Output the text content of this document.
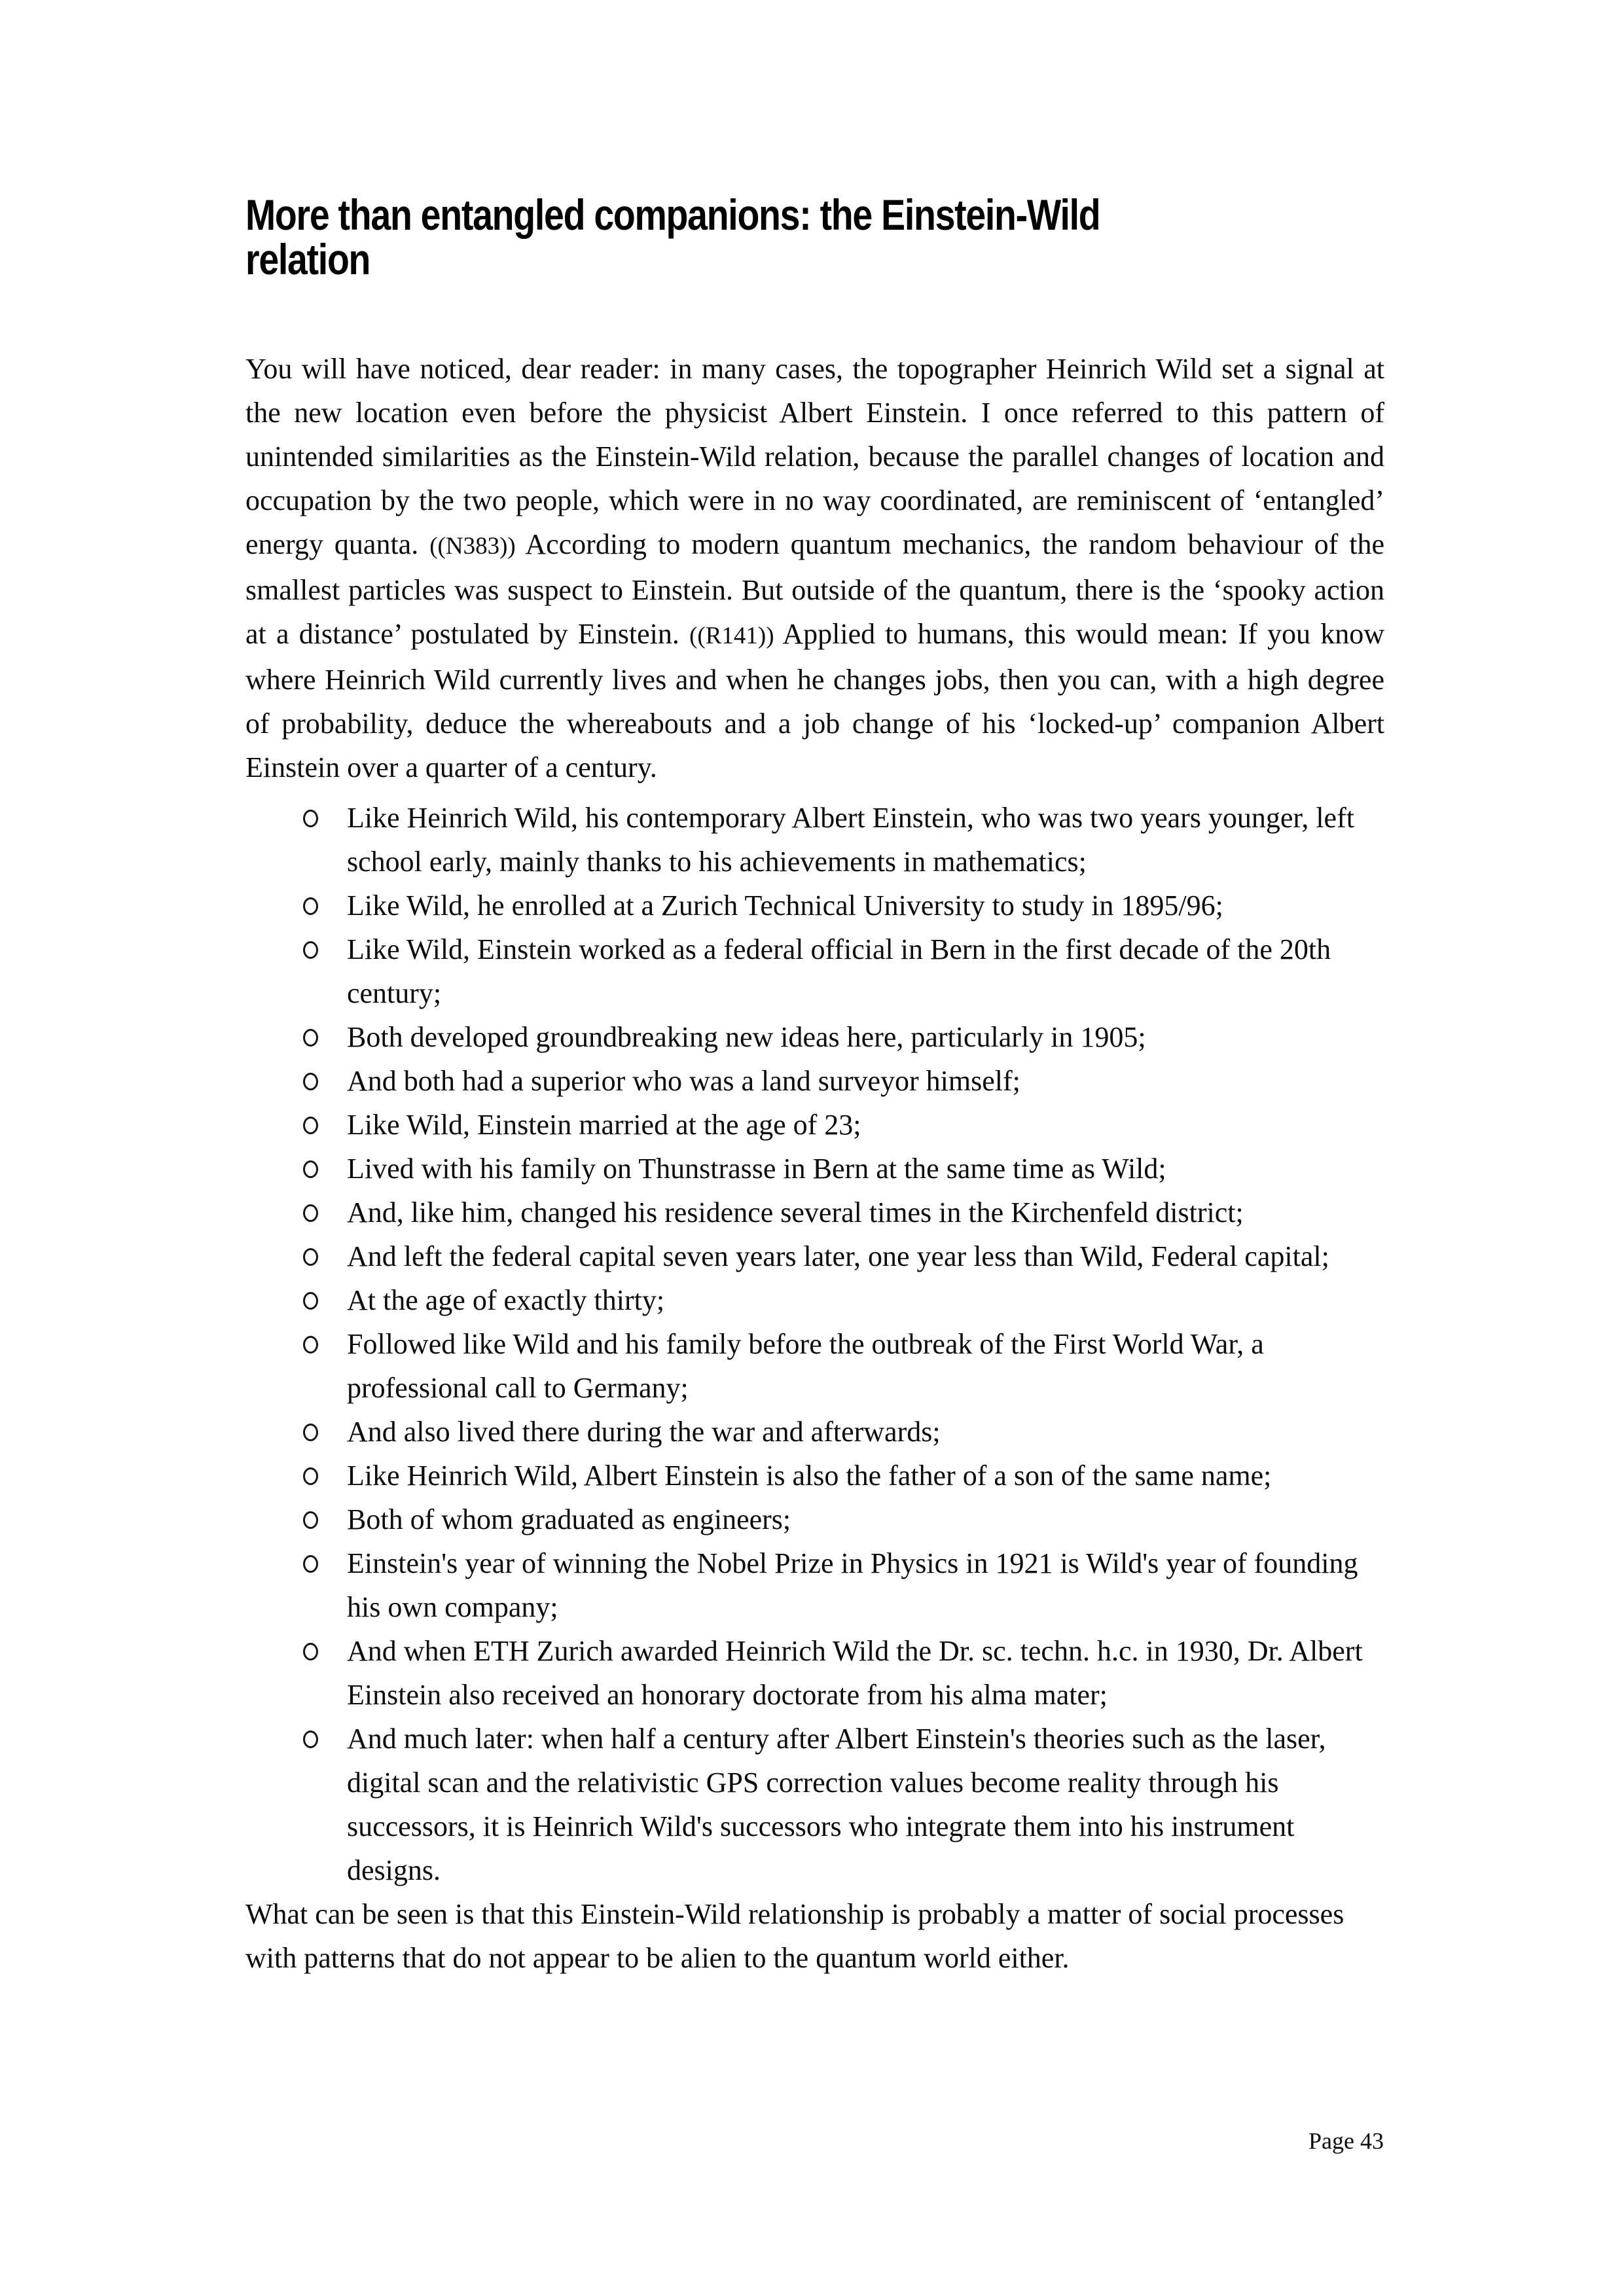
More than entangled companions: the Einstein-Wild
relation

You will have noticed, dear reader: in many cases, the topographer Heinrich Wild set a signal at the new location even before the physicist Albert Einstein. I once referred to this pattern of unintended similarities as the Einstein-Wild relation, because the parallel changes of location and occupation by the two people, which were in no way coordinated, are reminiscent of ‘entangled’ energy quanta. ((N383)) According to modern quantum mechanics, the random behaviour of the smallest particles was suspect to Einstein. But outside of the quantum, there is the ‘spooky action at a distance’ postulated by Einstein. ((R141)) Applied to humans, this would mean: If you know where Heinrich Wild currently lives and when he changes jobs, then you can, with a high degree of probability, deduce the whereabouts and a job change of his ‘locked-up’ companion Albert Einstein over a quarter of a century.

Like Heinrich Wild, his contemporary Albert Einstein, who was two years younger, left school early, mainly thanks to his achievements in mathematics;
Like Wild, he enrolled at a Zurich Technical University to study in 1895/96;
Like Wild, Einstein worked as a federal official in Bern in the first decade of the 20th century;
Both developed groundbreaking new ideas here, particularly in 1905;
And both had a superior who was a land surveyor himself;
Like Wild, Einstein married at the age of 23;
Lived with his family on Thunstrasse in Bern at the same time as Wild;
And, like him, changed his residence several times in the Kirchenfeld district;
And left the federal capital seven years later, one year less than Wild, Federal capital;
At the age of exactly thirty;
Followed like Wild and his family before the outbreak of the First World War, a professional call to Germany;
And also lived there during the war and afterwards;
Like Heinrich Wild, Albert Einstein is also the father of a son of the same name;
Both of whom graduated as engineers;
Einstein's year of winning the Nobel Prize in Physics in 1921 is Wild's year of founding his own company;
And when ETH Zurich awarded Heinrich Wild the Dr. sc. techn. h.c. in 1930, Dr. Albert Einstein also received an honorary doctorate from his alma mater;
And much later: when half a century after Albert Einstein's theories such as the laser, digital scan and the relativistic GPS correction values become reality through his successors, it is Heinrich Wild's successors who integrate them into his instrument designs.

What can be seen is that this Einstein-Wild relationship is probably a matter of social processes with patterns that do not appear to be alien to the quantum world either.

Page 43
